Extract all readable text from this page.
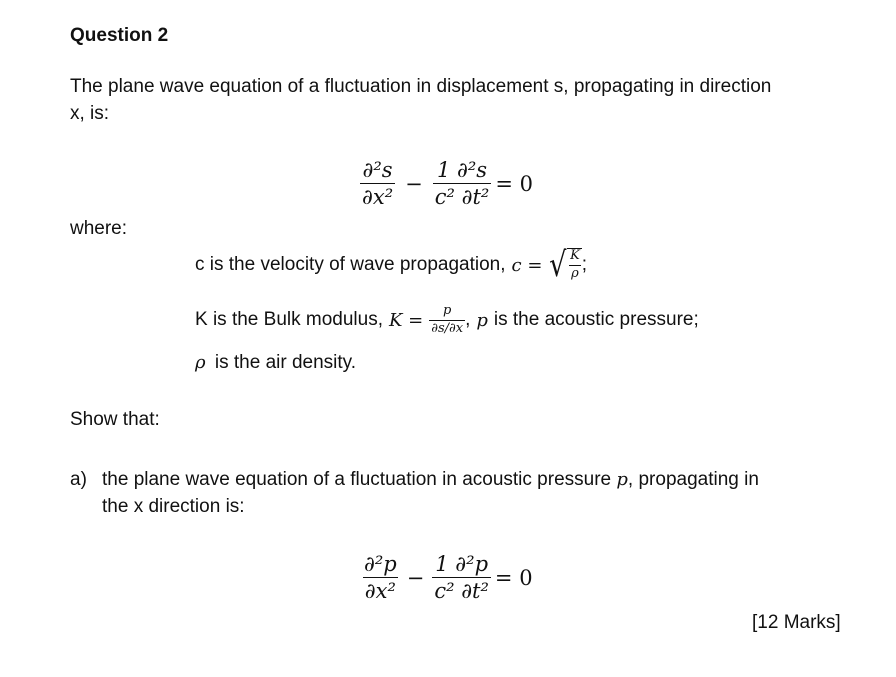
Question 2
The plane wave equation of a fluctuation in displacement s, propagating in direction
x, is:
$\frac{\text{∂²s}}{\text{∂x²}} - \frac{\text{1 ∂²s}}{\text{c² ∂t²}} = 0$
where:
c is the velocity of wave propagation, c = √ $\frac{K}{\rho}$ ;
K is the Bulk modulus, $K = \frac{p}{\partial s/\partial x}$ , p is the acoustic pressure;
ρ is the air density.
Show that:
a) the plane wave equation of a fluctuation in acoustic pressure p, propagating in
the x direction is:
$\frac{\text{∂²p}}{\text{∂x²}} - \frac{\text{1 ∂²p}}{\text{c² ∂t²}} = 0$
[12 Marks]
